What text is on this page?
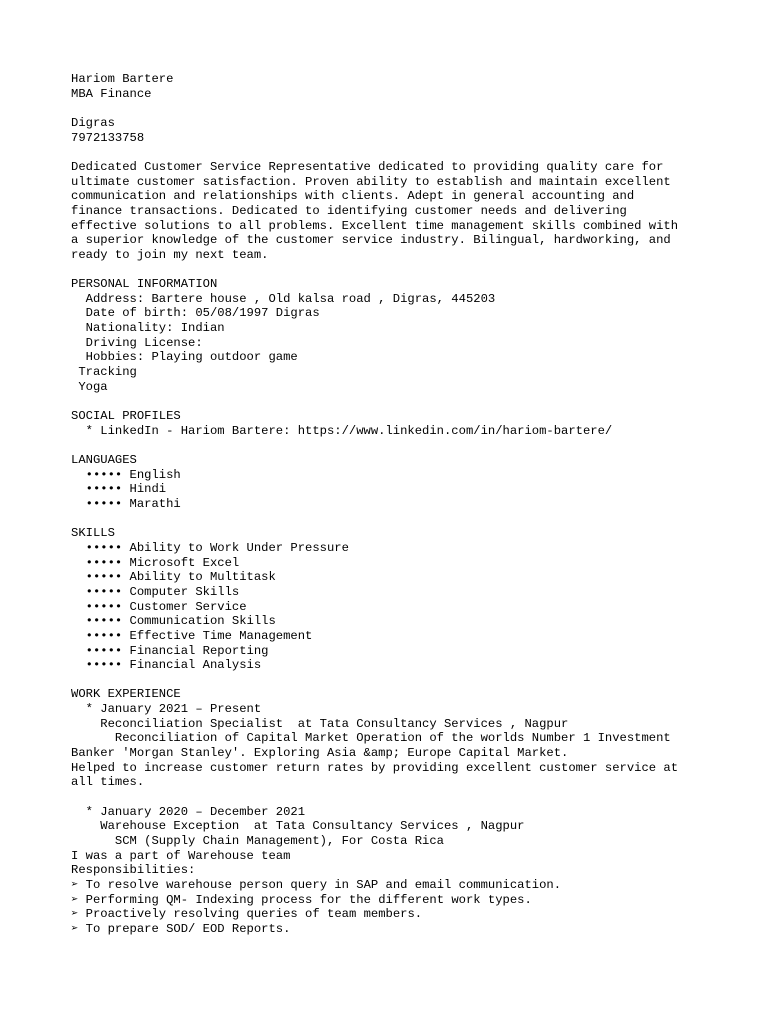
Hariom Bartere
MBA Finance
Digras
7972133758
Dedicated Customer Service Representative dedicated to providing quality care for
ultimate customer satisfaction. Proven ability to establish and maintain excellent
communication and relationships with clients. Adept in general accounting and
finance transactions. Dedicated to identifying customer needs and delivering
effective solutions to all problems. Excellent time management skills combined with
a superior knowledge of the customer service industry. Bilingual, hardworking, and
ready to join my next team.
PERSONAL INFORMATION
Address: Bartere house , Old kalsa road , Digras, 445203
Date of birth: 05/08/1997 Digras
Nationality: Indian
Driving License:
Hobbies: Playing outdoor game
Tracking
Yoga
SOCIAL PROFILES
* LinkedIn - Hariom Bartere: https://www.linkedin.com/in/hariom-bartere/
LANGUAGES
••••• English
••••• Hindi
••••• Marathi
SKILLS
••••• Ability to Work Under Pressure
••••• Microsoft Excel
••••• Ability to Multitask
••••• Computer Skills
••••• Customer Service
••••• Communication Skills
••••• Effective Time Management
••••• Financial Reporting
••••• Financial Analysis
WORK EXPERIENCE
* January 2021 – Present
Reconciliation Specialist  at Tata Consultancy Services , Nagpur
Reconciliation of Capital Market Operation of the worlds Number 1 Investment
Banker 'Morgan Stanley'. Exploring Asia &amp; Europe Capital Market.
Helped to increase customer return rates by providing excellent customer service at
all times.
* January 2020 – December 2021
Warehouse Exception  at Tata Consultancy Services , Nagpur
SCM (Supply Chain Management), For Costa Rica
I was a part of Warehouse team
Responsibilities:
➢ To resolve warehouse person query in SAP and email communication.
➢ Performing QM- Indexing process for the different work types.
➢ Proactively resolving queries of team members.
➢ To prepare SOD/ EOD Reports.
